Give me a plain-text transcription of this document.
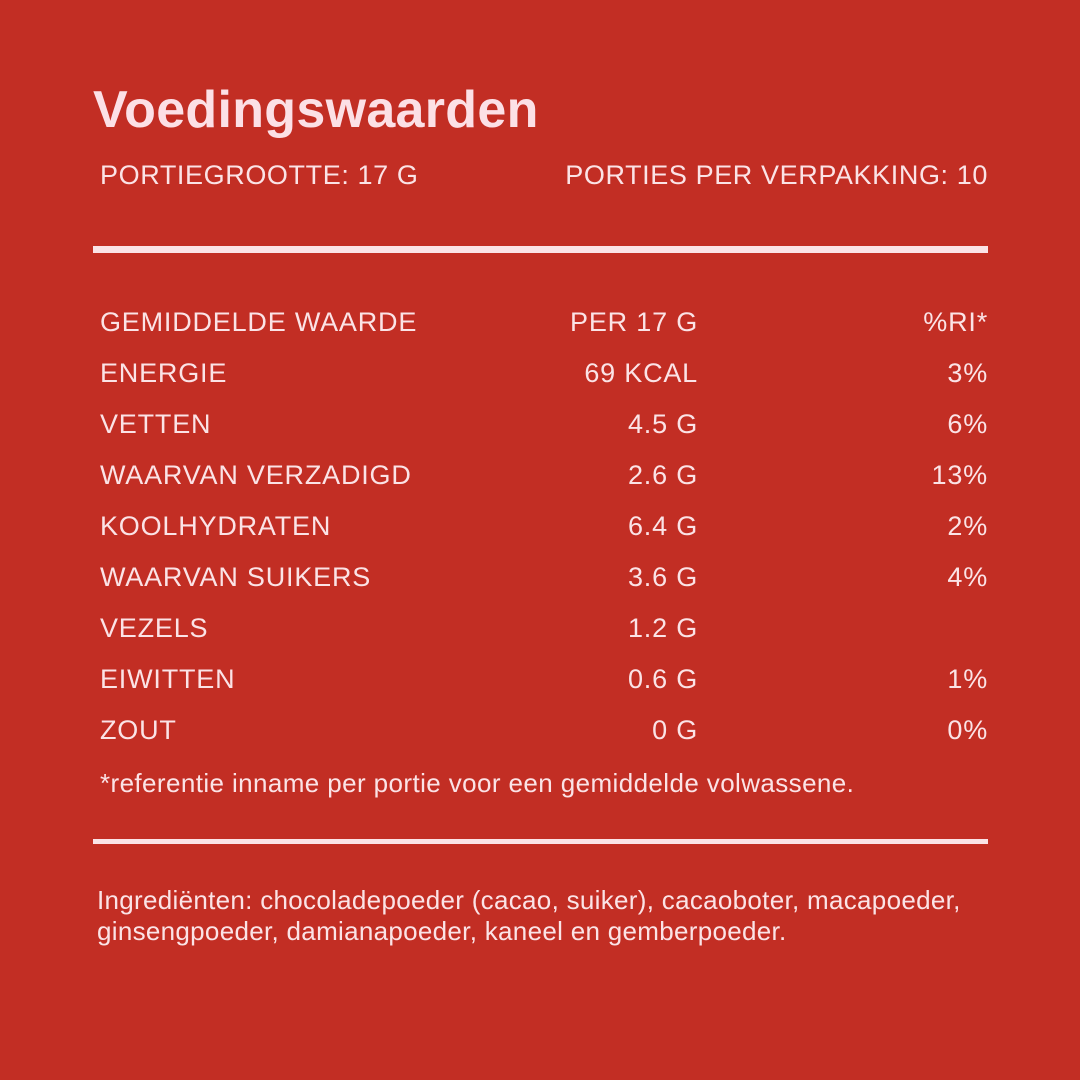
Voedingswaarden
PORTIEGROOTTE: 17 G	PORTIES PER VERPAKKING: 10
GEMIDDELDE WAARDE	PER 17 G	%RI*
ENERGIE	69 KCAL	3%
VETTEN	4.5 G	6%
WAARVAN VERZADIGD	2.6 G	13%
KOOLHYDRATEN	6.4 G	2%
WAARVAN SUIKERS	3.6 G	4%
VEZELS	1.2 G
EIWITTEN	0.6 G	1%
ZOUT	0 G	0%
*referentie inname per portie voor een gemiddelde volwassene.
Ingrediënten: chocoladepoeder (cacao, suiker), cacaoboter, macapoeder, ginsengpoeder, damianapoeder, kaneel en gemberpoeder.
